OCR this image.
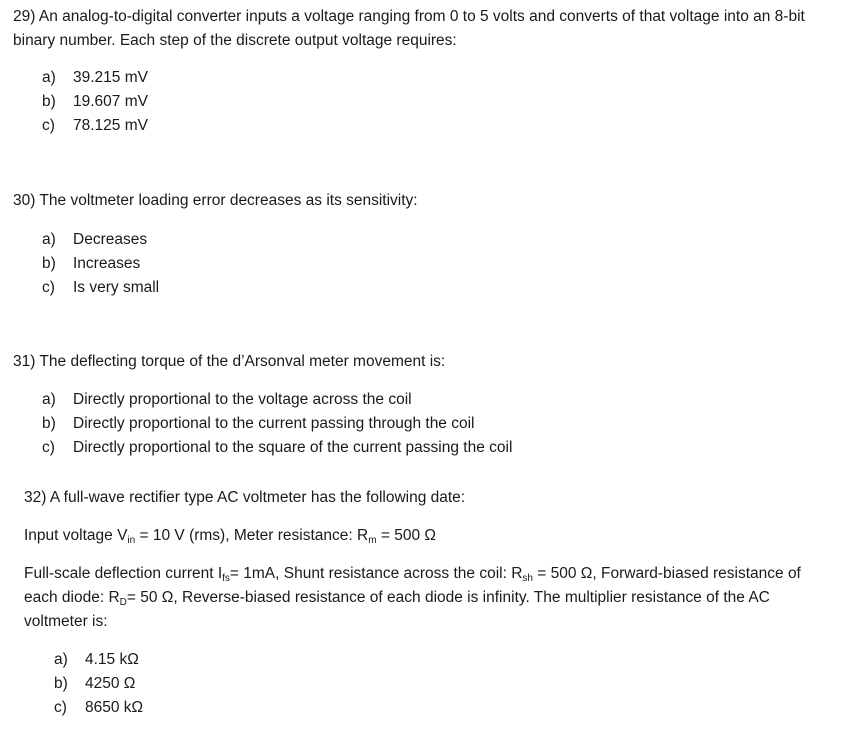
29) An analog-to-digital converter inputs a voltage ranging from 0 to 5 volts and converts of that voltage into an 8-bit binary number. Each step of the discrete output voltage requires:
a) 39.215 mV
b) 19.607 mV
c) 78.125 mV
30) The voltmeter loading error decreases as its sensitivity:
a) Decreases
b) Increases
c) Is very small
31) The deflecting torque of the d’Arsonval meter movement is:
a) Directly proportional to the voltage across the coil
b) Directly proportional to the current passing through the coil
c) Directly proportional to the square of the current passing the coil
32) A full-wave rectifier type AC voltmeter has the following date:
Input voltage $V_{in} = 10$ V (rms), Meter resistance: $R_m = 500$ Ω
Full-scale deflection current $I_{fs}= 1mA$, Shunt resistance across the coil: $R_{sh} = 500$ Ω, Forward-biased resistance of each diode: $R_D= 50$ Ω, Reverse-biased resistance of each diode is infinity. The multiplier resistance of the AC voltmeter is:
a) 4.15 kΩ
b) 4250 Ω
c) 8650 kΩ
